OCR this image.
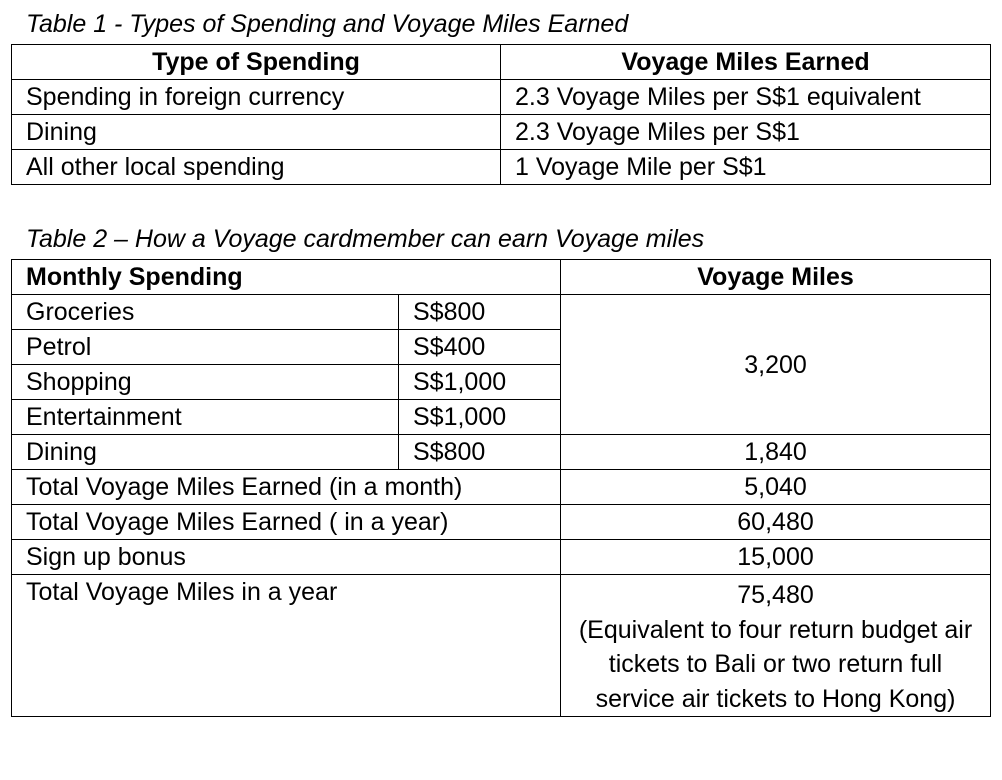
Table 1 - Types of Spending and Voyage Miles Earned
Type of Spending	Voyage Miles Earned
Spending in foreign currency	2.3 Voyage Miles per S$1 equivalent
Dining	2.3 Voyage Miles per S$1
All other local spending	1 Voyage Mile per S$1
Table 2 – How a Voyage cardmember can earn Voyage miles
Monthly Spending		Voyage Miles
Groceries	S$800	3,200
Petrol	S$400	
Shopping	S$1,000	
Entertainment	S$1,000	
Dining	S$800	1,840
Total Voyage Miles Earned (in a month)		5,040
Total Voyage Miles Earned ( in a year)		60,480
Sign up bonus		15,000
Total Voyage Miles in a year		75,480
(Equivalent to four return budget air tickets to Bali or two return full service air tickets to Hong Kong)
